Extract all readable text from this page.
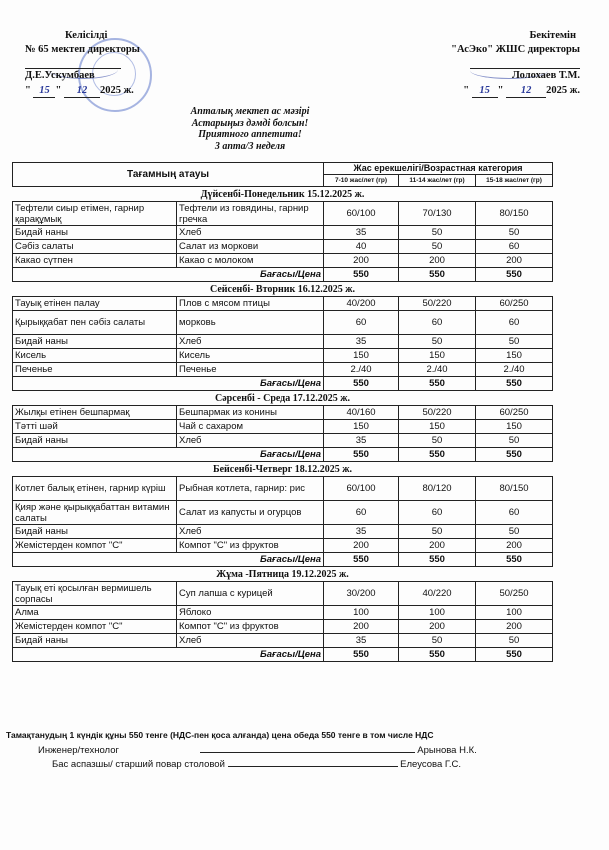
Келісілді
№ 65 мектеп директоры
Д.Е.Ускумбаев
" 15 " 12 2025 ж.
Бекітемін
"АсЭко" ЖШС директоры
Лолохаев Т.М.
" 15 " 12 2025 ж.
Апталық мектеп ас мәзірі
Астарыңыз дәмді болсын!
Приятного аппетита!
3 апта/3 неделя
Тағамның атауы		Жас ерекшелігі/Возрастная категория		
		7-10 жас/лет (гр)	11-14 жас/лет (гр)	15-18 жас/лет (гр)
Дүйсенбі-Понедельник 15.12.2025 ж.				
Тефтели сиыр етімен, гарнир қарақұмық	Тефтели из говядины, гарнир гречка	60/100	70/130	80/150
Бидай наны	Хлеб	35	50	50
Сәбіз салаты	Салат из моркови	40	50	60
Какао сүтпен	Какао с молоком	200	200	200
Бағасы/Цена		550	550	550
Сейсенбі- Вторник 16.12.2025 ж.				
Тауық етінен палау	Плов с мясом птицы	40/200	50/220	60/250
Қырыққабат пен сәбіз салаты	морковь	60	60	60
Бидай наны	Хлеб	35	50	50
Кисель	Кисель	150	150	150
Печенье	Печенье	2./40	2./40	2./40
Бағасы/Цена		550	550	550
Сәрсенбі - Среда 17.12.2025 ж.				
Жылқы етінен бешпармақ	Бешпармак из конины	40/160	50/220	60/250
Тәтті шәй	Чай с сахаром	150	150	150
Бидай наны	Хлеб	35	50	50
Бағасы/Цена		550	550	550
Бейсенбі-Четверг 18.12.2025 ж.				
Котлет балық етінен, гарнир күріш	Рыбная котлета, гарнир: рис	60/100	80/120	80/150
Қияр және қырыққабаттан витамин салаты	Салат из капусты и огурцов	60	60	60
Бидай наны	Хлеб	35	50	50
Жемістерден компот "С"	Компот "С" из фруктов	200	200	200
Бағасы/Цена		550	550	550
Жұма -Пятница 19.12.2025 ж.				
Тауық еті қосылған вермишель сорпасы	Суп лапша с курицей	30/200	40/220	50/250
Алма	Яблоко	100	100	100
Жемістерден компот "С"	Компот "С" из фруктов	200	200	200
Бидай наны	Хлеб	35	50	50
Бағасы/Цена		550	550	550
Тамақтанудың 1 күндік құны 550 тенге (НДС-пен қоса алғанда) цена обеда 550 тенге в том числе НДС
Инженер/технолог	Арынова Н.К.
Бас аспазшы/ старший повар столовой	Елеусова Г.С.
